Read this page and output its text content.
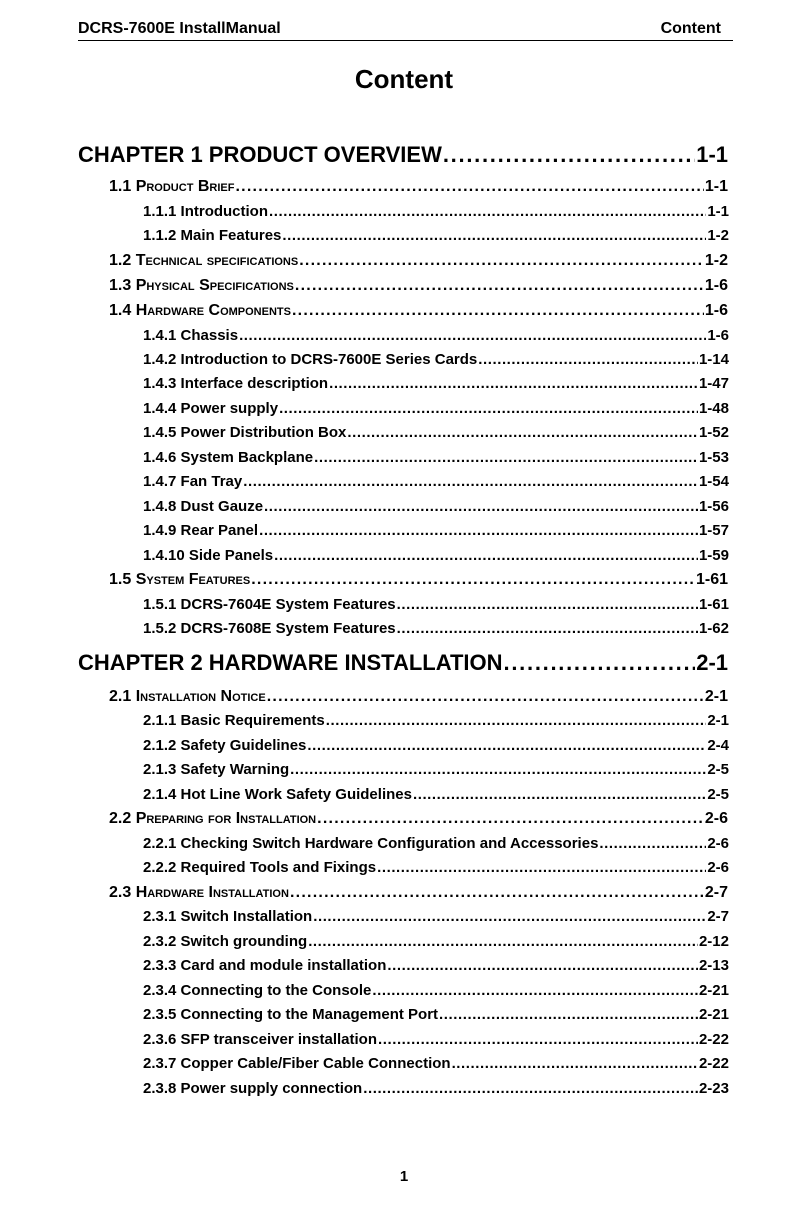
DCRS-7600E InstallManual	Content
Content
CHAPTER 1 PRODUCT OVERVIEW . . .	1-1
1.1 Product Brief . . .	1-1
1.1.1 Introduction . . .	1-1
1.1.2 Main Features . . .	1-2
1.2 Technical specifications . . .	1-2
1.3 Physical Specifications . . .	1-6
1.4 Hardware Components . . .	1-6
1.4.1 Chassis . . .	1-6
1.4.2 Introduction to DCRS-7600E Series Cards . . .	1-14
1.4.3 Interface description . . .	1-47
1.4.4 Power supply . . .	1-48
1.4.5 Power Distribution Box . . .	1-52
1.4.6 System Backplane . . .	1-53
1.4.7 Fan Tray . . .	1-54
1.4.8 Dust Gauze . . .	1-56
1.4.9 Rear Panel . . .	1-57
1.4.10 Side Panels . . .	1-59
1.5 System Features . . .	1-61
1.5.1 DCRS-7604E System Features . . .	1-61
1.5.2 DCRS-7608E System Features . . .	1-62
CHAPTER 2 HARDWARE INSTALLATION . . .	2-1
2.1 Installation Notice . . .	2-1
2.1.1 Basic Requirements . . .	2-1
2.1.2 Safety Guidelines . . .	2-4
2.1.3 Safety Warning . . .	2-5
2.1.4 Hot Line Work Safety Guidelines . . .	2-5
2.2 Preparing for Installation . . .	2-6
2.2.1 Checking Switch Hardware Configuration and Accessories . . .	2-6
2.2.2 Required Tools and Fixings . . .	2-6
2.3 Hardware Installation . . .	2-7
2.3.1 Switch Installation . . .	2-7
2.3.2 Switch grounding . . .	2-12
2.3.3 Card and module installation . . .	2-13
2.3.4 Connecting to the Console . . .	2-21
2.3.5 Connecting to the Management Port . . .	2-21
2.3.6 SFP transceiver installation . . .	2-22
2.3.7 Copper Cable/Fiber Cable Connection . . .	2-22
2.3.8 Power supply connection . . .	2-23
1
